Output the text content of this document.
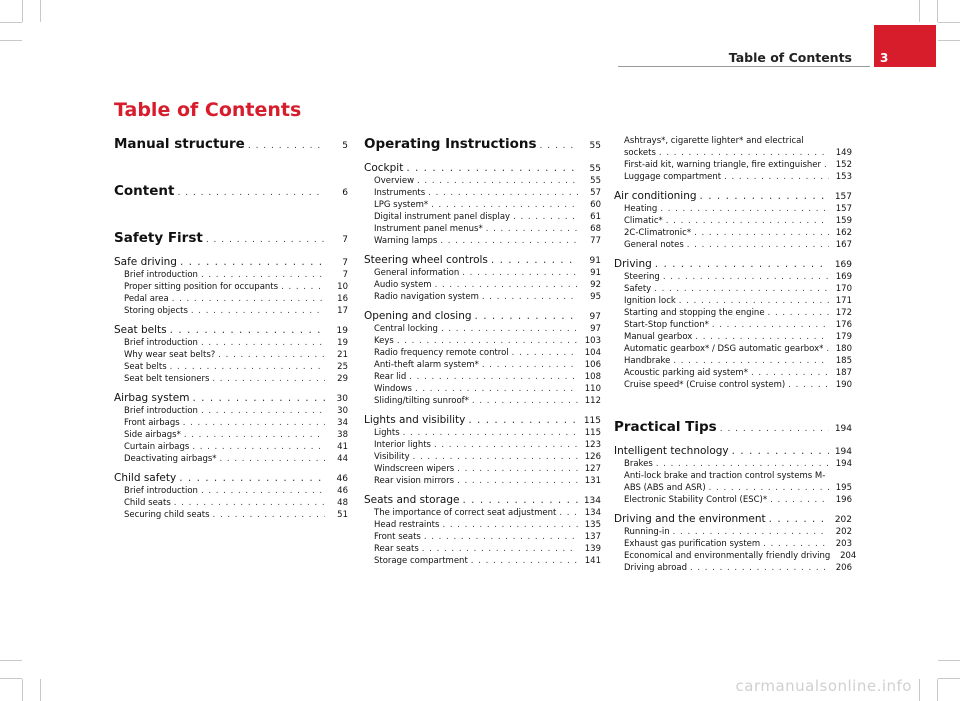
Table of Contents 3
Table of Contents
Manual structure . . .	5
Content . . .	6
Safety First . . .	7
Safe driving . . .	7
Brief introduction . . .	7
Proper sitting position for occupants . . .	10
Pedal area . . .	16
Storing objects . . .	17
Seat belts . . .	19
Brief introduction . . .	19
Why wear seat belts? . . .	21
Seat belts . . .	25
Seat belt tensioners . . .	29
Airbag system . . .	30
Brief introduction . . .	30
Front airbags . . .	34
Side airbags* . . .	38
Curtain airbags . . .	41
Deactivating airbags* . . .	44
Child safety . . .	46
Brief introduction . . .	46
Child seats . . .	48
Securing child seats . . .	51
Operating Instructions . . .	55
Cockpit . . .	55
Overview . . .	55
Instruments . . .	57
LPG system* . . .	60
Digital instrument panel display . . .	61
Instrument panel menus* . . .	68
Warning lamps . . .	77
Steering wheel controls . . .	91
General information . . .	91
Audio system . . .	92
Radio navigation system . . .	95
Opening and closing . . .	97
Central locking . . .	97
Keys . . .	103
Radio frequency remote control . . .	104
Anti-theft alarm system* . . .	106
Rear lid . . .	108
Windows . . .	110
Sliding/tilting sunroof* . . .	112
Lights and visibility . . .	115
Lights . . .	115
Interior lights . . .	123
Visibility . . .	126
Windscreen wipers . . .	127
Rear vision mirrors . . .	131
Seats and storage . . .	134
The importance of correct seat adjustment . . .	134
Head restraints . . .	135
Front seats . . .	137
Rear seats . . .	139
Storage compartment . . .	141
Ashtrays*, cigarette lighter* and electrical
sockets . . .	149
First-aid kit, warning triangle, fire extinguisher . . .	152
Luggage compartment . . .	153
Air conditioning . . .	157
Heating . . .	157
Climatic* . . .	159
2C-Climatronic* . . .	162
General notes . . .	167
Driving . . .	169
Steering . . .	169
Safety . . .	170
Ignition lock . . .	171
Starting and stopping the engine . . .	172
Start-Stop function* . . .	176
Manual gearbox . . .	179
Automatic gearbox* / DSG automatic gearbox* . . .	180
Handbrake . . .	185
Acoustic parking aid system* . . .	187
Cruise speed* (Cruise control system) . . .	190
Practical Tips . . .	194
Intelligent technology . . .	194
Brakes . . .	194
Anti-lock brake and traction control systems M-
ABS (ABS and ASR) . . .	195
Electronic Stability Control (ESC)* . . .	196
Driving and the environment . . .	202
Running-in . . .	202
Exhaust gas purification system . . .	203
Economical and environmentally friendly driving	204
Driving abroad . . .	206
carmanualsonline.info
